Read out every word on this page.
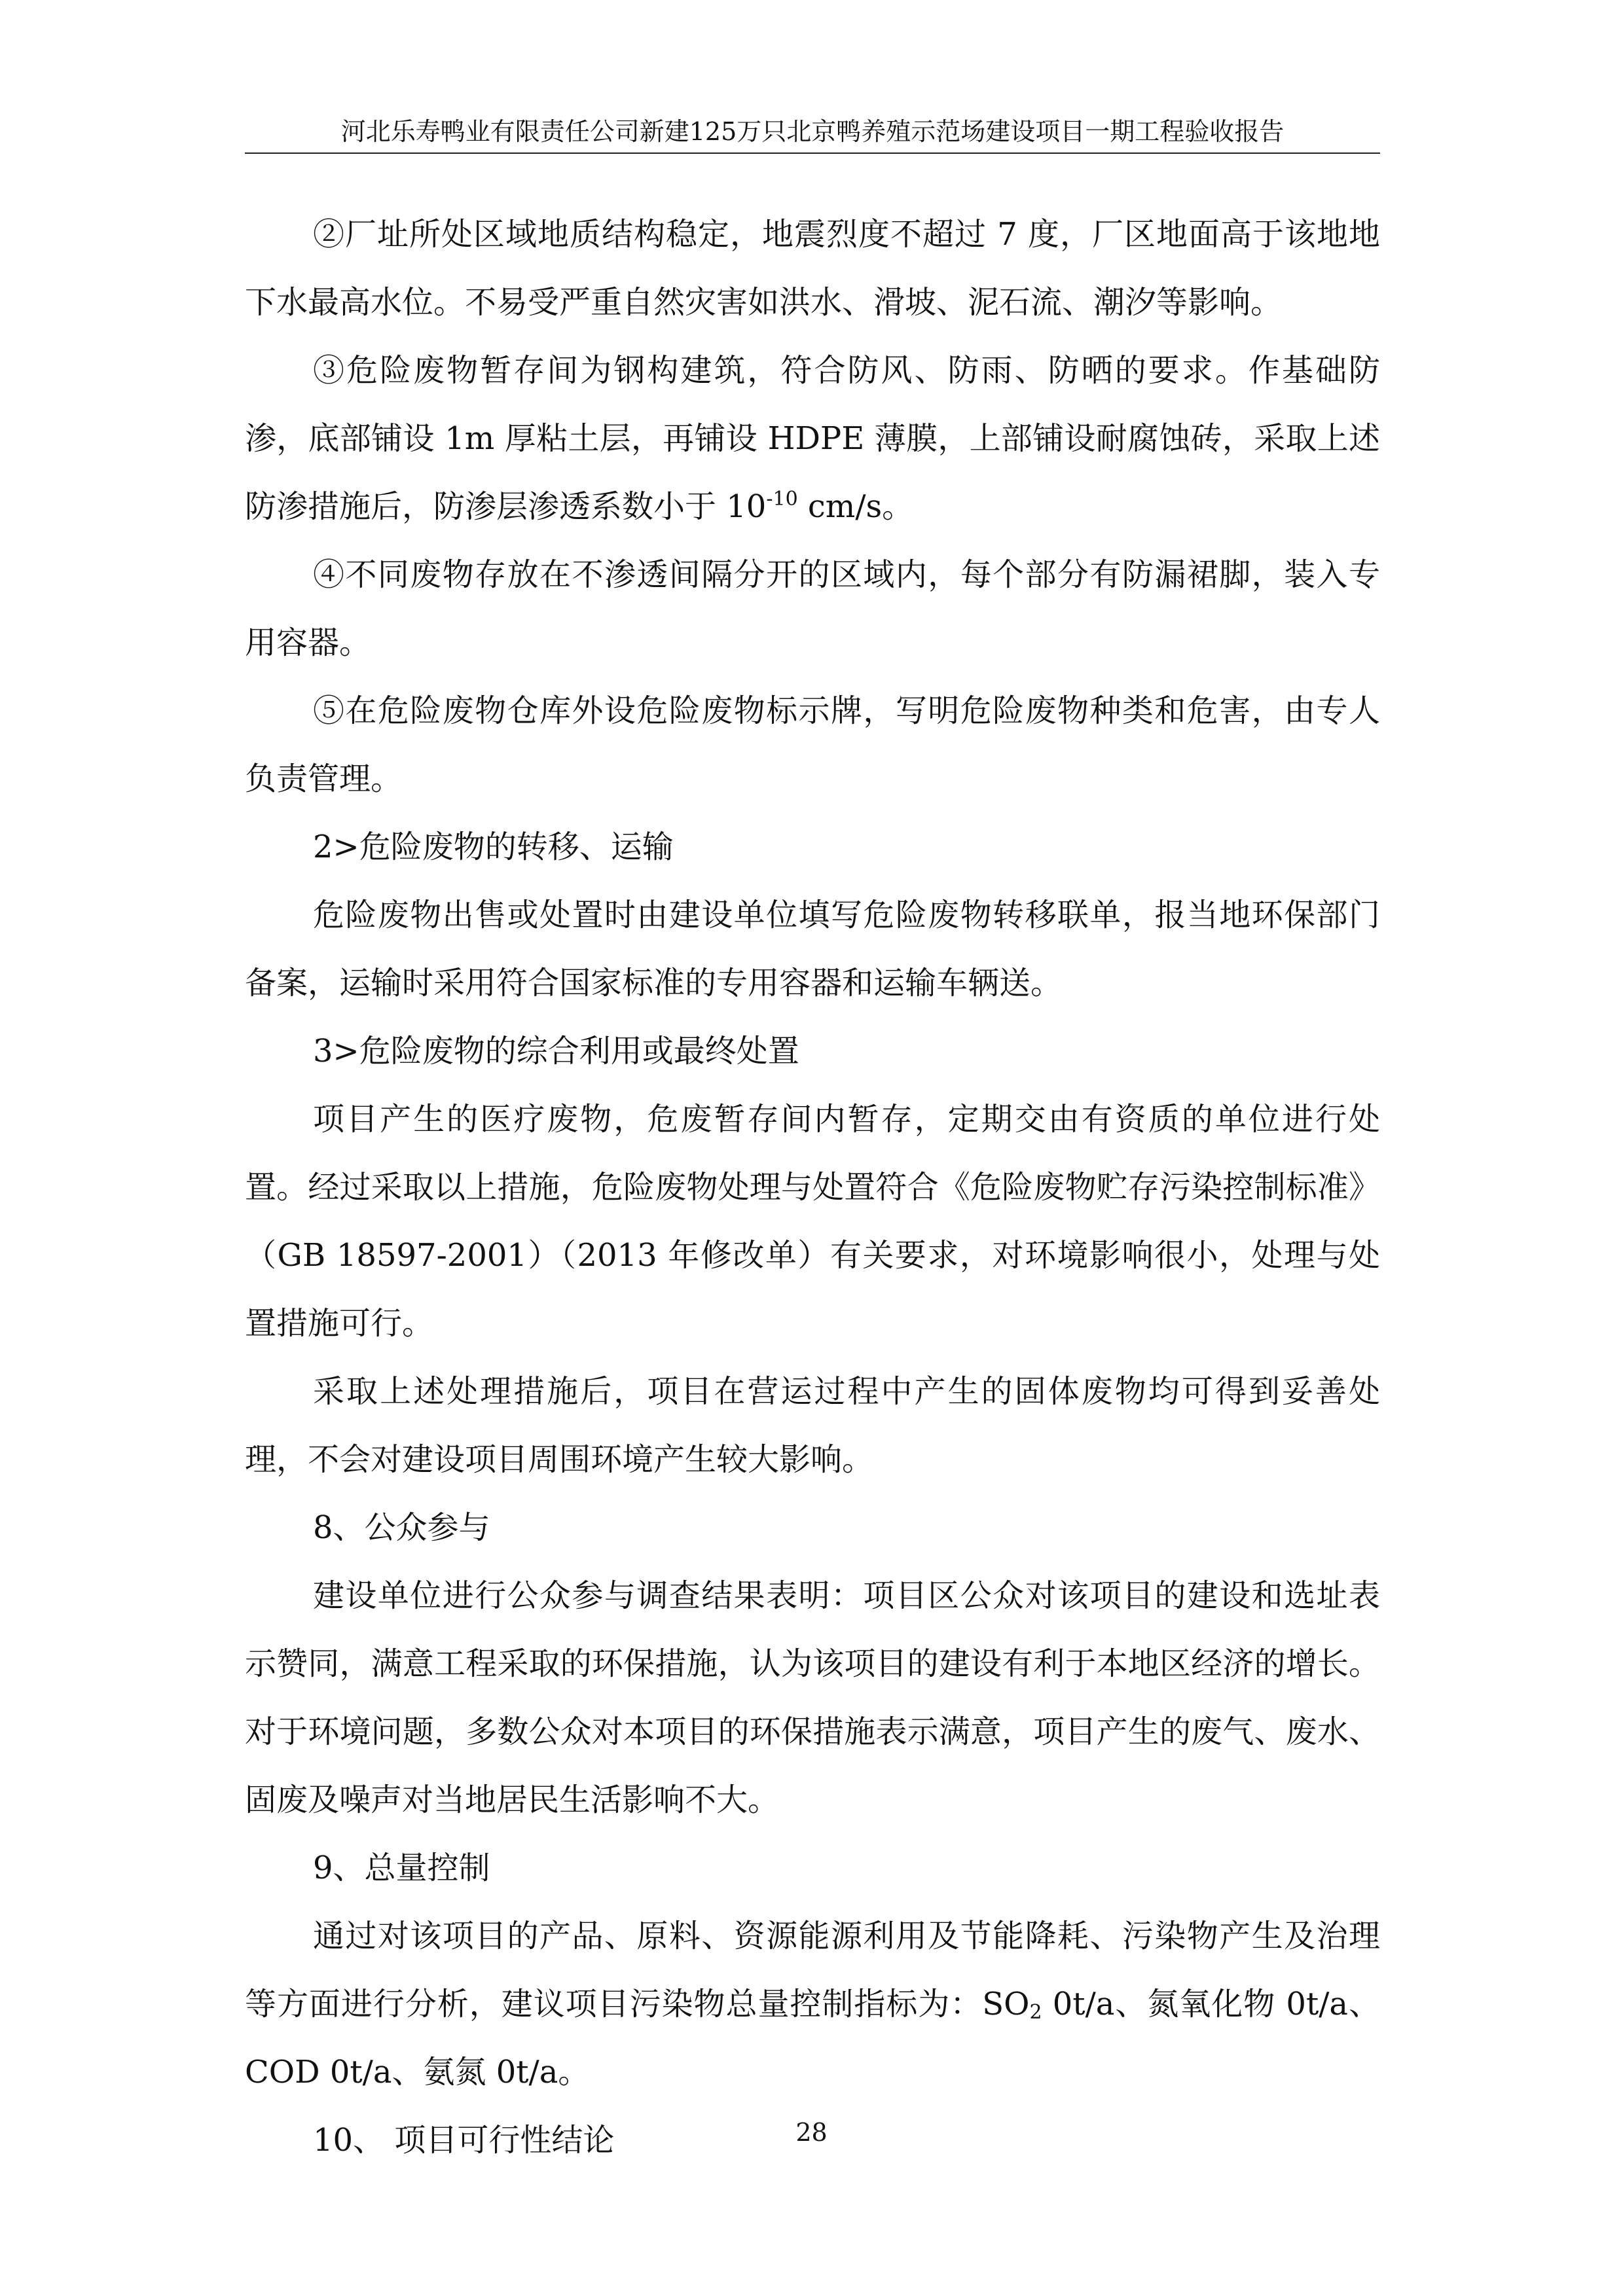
河北乐寿鸭业有限责任公司新建125万只北京鸭养殖示范场建设项目一期工程验收报告

②厂址所处区域地质结构稳定，地震烈度不超过 7 度，厂区地面高于该地地下水最高水位。不易受严重自然灾害如洪水、滑坡、泥石流、潮汐等影响。

③危险废物暂存间为钢构建筑，符合防风、防雨、防晒的要求。作基础防渗，底部铺设 1m 厚粘土层，再铺设 HDPE 薄膜，上部铺设耐腐蚀砖，采取上述防渗措施后，防渗层渗透系数小于 $10^{-10}$ cm/s。

④不同废物存放在不渗透间隔分开的区域内，每个部分有防漏裙脚，装入专用容器。

⑤在危险废物仓库外设危险废物标示牌，写明危险废物种类和危害，由专人负责管理。

2>危险废物的转移、运输

危险废物出售或处置时由建设单位填写危险废物转移联单，报当地环保部门备案，运输时采用符合国家标准的专用容器和运输车辆送。

3>危险废物的综合利用或最终处置

项目产生的医疗废物，危废暂存间内暂存，定期交由有资质的单位进行处置。经过采取以上措施，危险废物处理与处置符合《危险废物贮存污染控制标准》（GB 18597-2001）（2013 年修改单）有关要求，对环境影响很小，处理与处置措施可行。

采取上述处理措施后，项目在营运过程中产生的固体废物均可得到妥善处理，不会对建设项目周围环境产生较大影响。

8、公众参与

建设单位进行公众参与调查结果表明：项目区公众对该项目的建设和选址表示赞同，满意工程采取的环保措施，认为该项目的建设有利于本地区经济的增长。对于环境问题，多数公众对本项目的环保措施表示满意，项目产生的废气、废水、固废及噪声对当地居民生活影响不大。

9、总量控制

通过对该项目的产品、原料、资源能源利用及节能降耗、污染物产生及治理等方面进行分析，建议项目污染物总量控制指标为：$SO_2$ 0t/a、氮氧化物 0t/a、COD 0t/a、氨氮 0t/a。

10、 项目可行性结论	28
